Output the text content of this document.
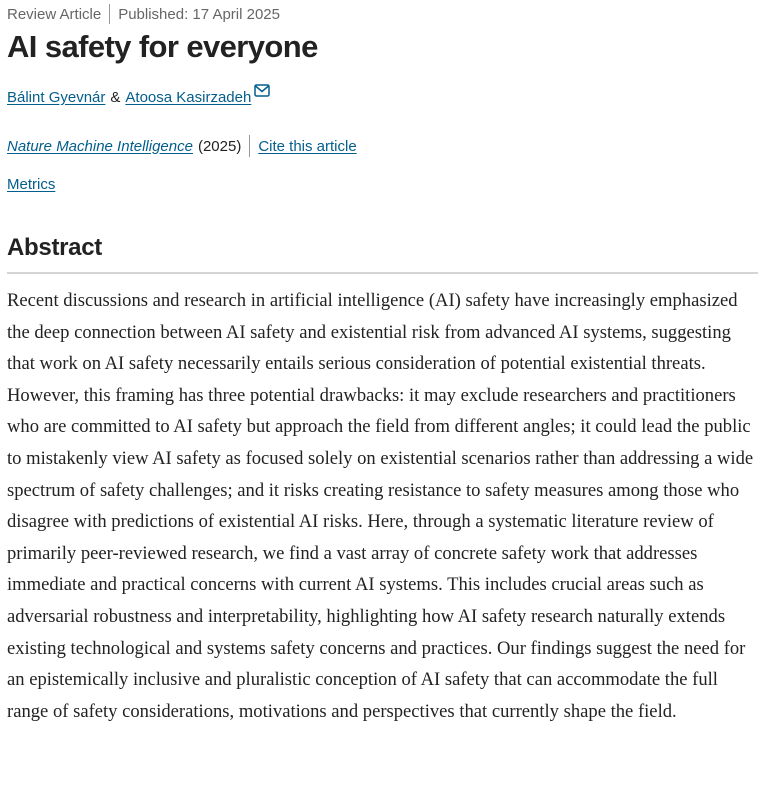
Review Article Published: 17 April 2025
AI safety for everyone
Bálint Gyevnár & Atoosa Kasirzadeh
Nature Machine Intelligence (2025) Cite this article
Metrics
Abstract

Recent discussions and research in artificial intelligence (AI) safety have increasingly emphasized the deep connection between AI safety and existential risk from advanced AI systems, suggesting that work on AI safety necessarily entails serious consideration of potential existential threats. However, this framing has three potential drawbacks: it may exclude researchers and practitioners who are committed to AI safety but approach the field from different angles; it could lead the public to mistakenly view AI safety as focused solely on existential scenarios rather than addressing a wide spectrum of safety challenges; and it risks creating resistance to safety measures among those who disagree with predictions of existential AI risks. Here, through a systematic literature review of primarily peer-reviewed research, we find a vast array of concrete safety work that addresses immediate and practical concerns with current AI systems. This includes crucial areas such as adversarial robustness and interpretability, highlighting how AI safety research naturally extends existing technological and systems safety concerns and practices. Our findings suggest the need for an epistemically inclusive and pluralistic conception of AI safety that can accommodate the full range of safety considerations, motivations and perspectives that currently shape the field.
